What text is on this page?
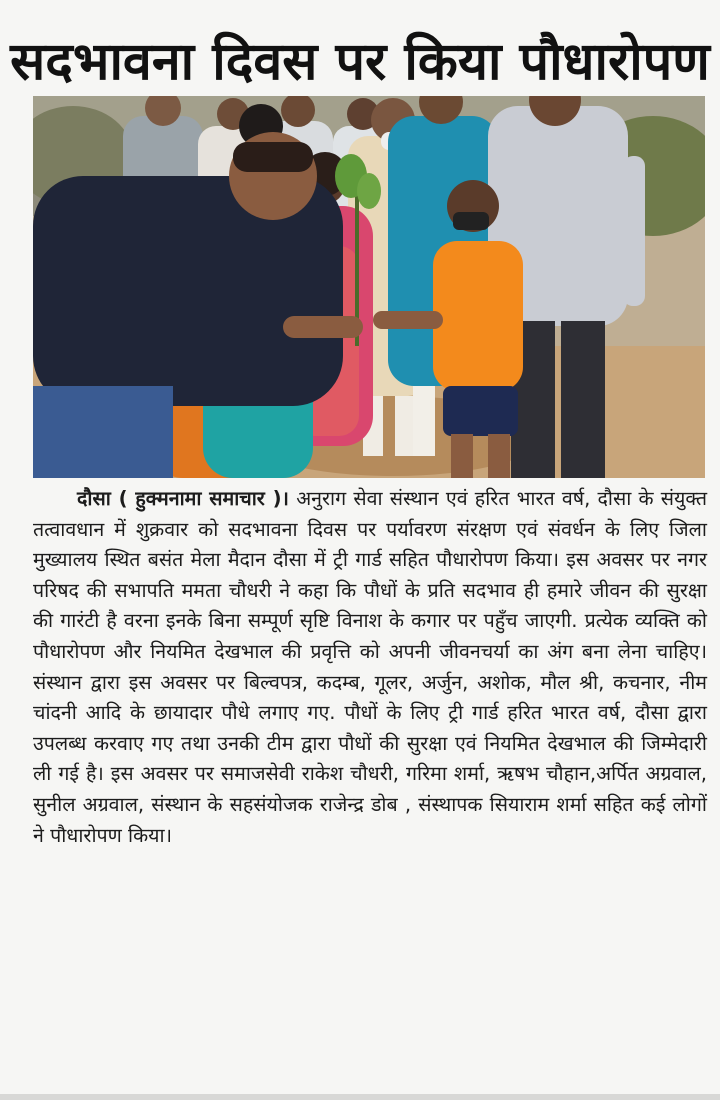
सदभावना दिवस पर किया पौधारोपण
दौसा ( हुक्मनामा समाचार )। अनुराग सेवा संस्थान एवं हरित भारत वर्ष, दौसा के संयुक्त तत्वावधान में शुक्रवार को सदभावना दिवस पर पर्यावरण संरक्षण एवं संवर्धन के लिए जिला मुख्यालय स्थित बसंत मेला मैदान दौसा में ट्री गार्ड सहित पौधारोपण किया। इस अवसर पर नगर परिषद की सभापति ममता चौधरी ने कहा कि पौधों के प्रति सदभाव ही हमारे जीवन की सुरक्षा की गारंटी है वरना इनके बिना सम्पूर्ण सृष्टि विनाश के कगार पर पहुँच जाएगी. प्रत्येक व्यक्ति को पौधारोपण और नियमित देखभाल की प्रवृत्ति को अपनी जीवनचर्या का अंग बना लेना चाहिए। संस्थान द्वारा इस अवसर पर बिल्वपत्र, कदम्ब, गूलर, अर्जुन, अशोक, मौल श्री, कचनार, नीम चांदनी आदि के छायादार पौधे लगाए गए. पौधों के लिए ट्री गार्ड हरित भारत वर्ष, दौसा द्वारा उपलब्ध करवाए गए तथा उनकी टीम द्वारा पौधों की सुरक्षा एवं नियमित देखभाल की जिम्मेदारी ली गई है। इस अवसर पर समाजसेवी राकेश चौधरी, गरिमा शर्मा, ऋषभ चौहान,अर्पित अग्रवाल, सुनील अग्रवाल, संस्थान के सहसंयोजक राजेन्द्र डोब , संस्थापक सियाराम शर्मा सहित कई लोगों ने पौधारोपण किया।
